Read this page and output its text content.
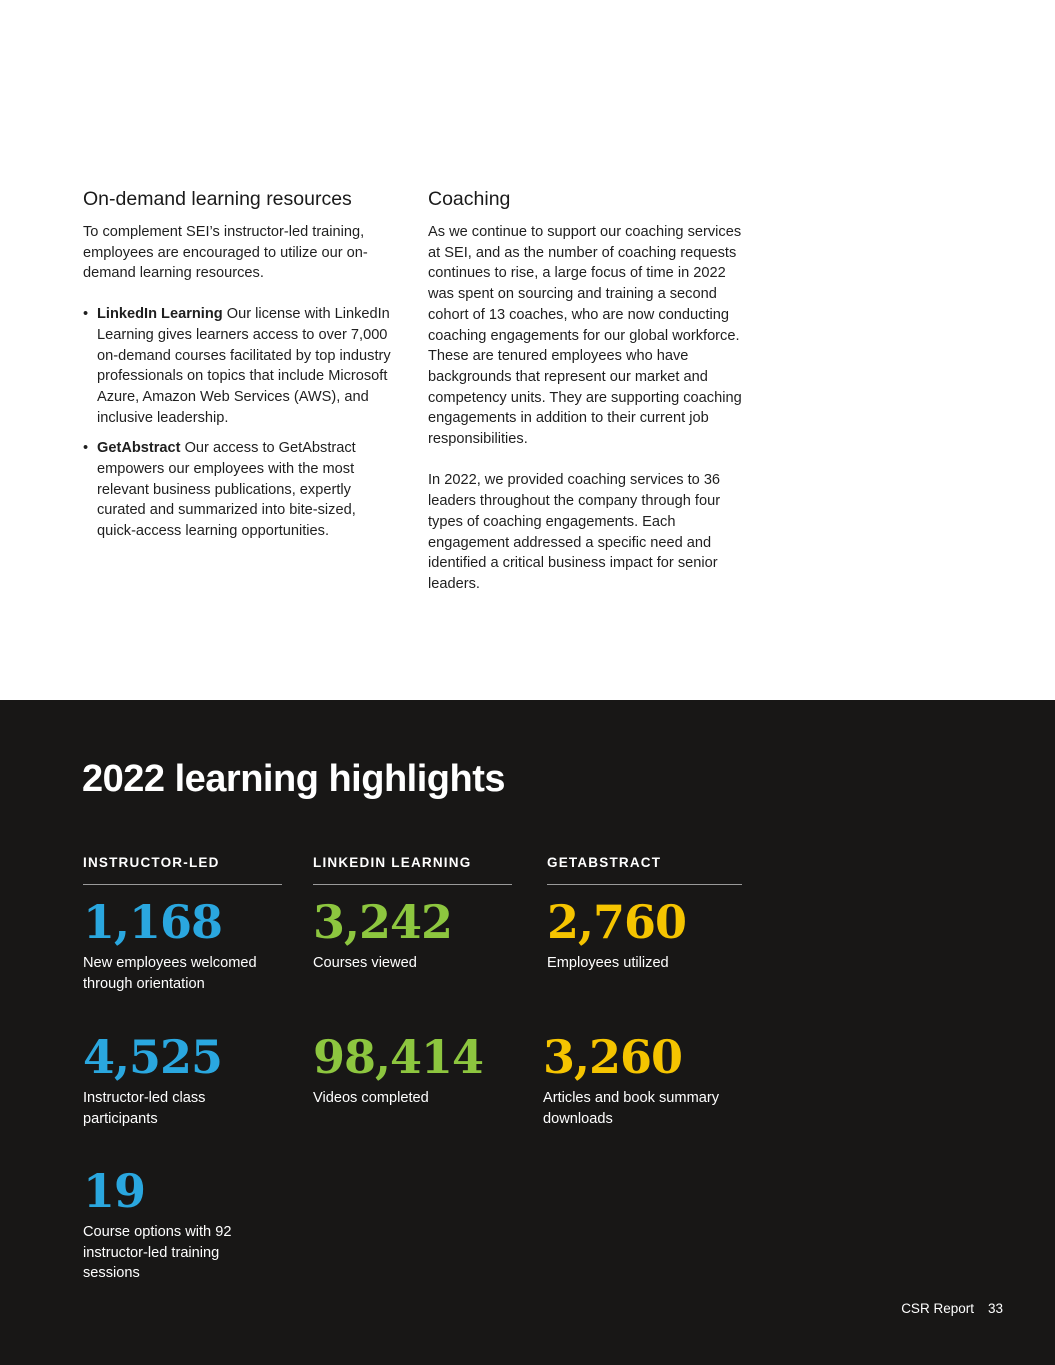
On-demand learning resources

To complement SEI’s instructor-led training, employees are encouraged to utilize our on-demand learning resources.

• LinkedIn Learning Our license with LinkedIn Learning gives learners access to over 7,000 on-demand courses facilitated by top industry professionals on topics that include Microsoft Azure, Amazon Web Services (AWS), and inclusive leadership.
• GetAbstract Our access to GetAbstract empowers our employees with the most relevant business publications, expertly curated and summarized into bite-sized, quick-access learning opportunities.
Coaching

As we continue to support our coaching services at SEI, and as the number of coaching requests continues to rise, a large focus of time in 2022 was spent on sourcing and training a second cohort of 13 coaches, who are now conducting coaching engagements for our global workforce. These are tenured employees who have backgrounds that represent our market and competency units. They are supporting coaching engagements in addition to their current job responsibilities.

In 2022, we provided coaching services to 36 leaders throughout the company through four types of coaching engagements. Each engagement addressed a specific need and identified a critical business impact for senior leaders.

2022 learning highlights
INSTRUCTOR-LED	LINKEDIN LEARNING	GETABSTRACT
1,168
New employees welcomed through orientation
4,525
Instructor-led class participants
19
Course options with 92 instructor-led training sessions
3,242
Courses viewed
98,414
Videos completed
2,760
Employees utilized
3,260
Articles and book summary downloads
CSR Report 33
